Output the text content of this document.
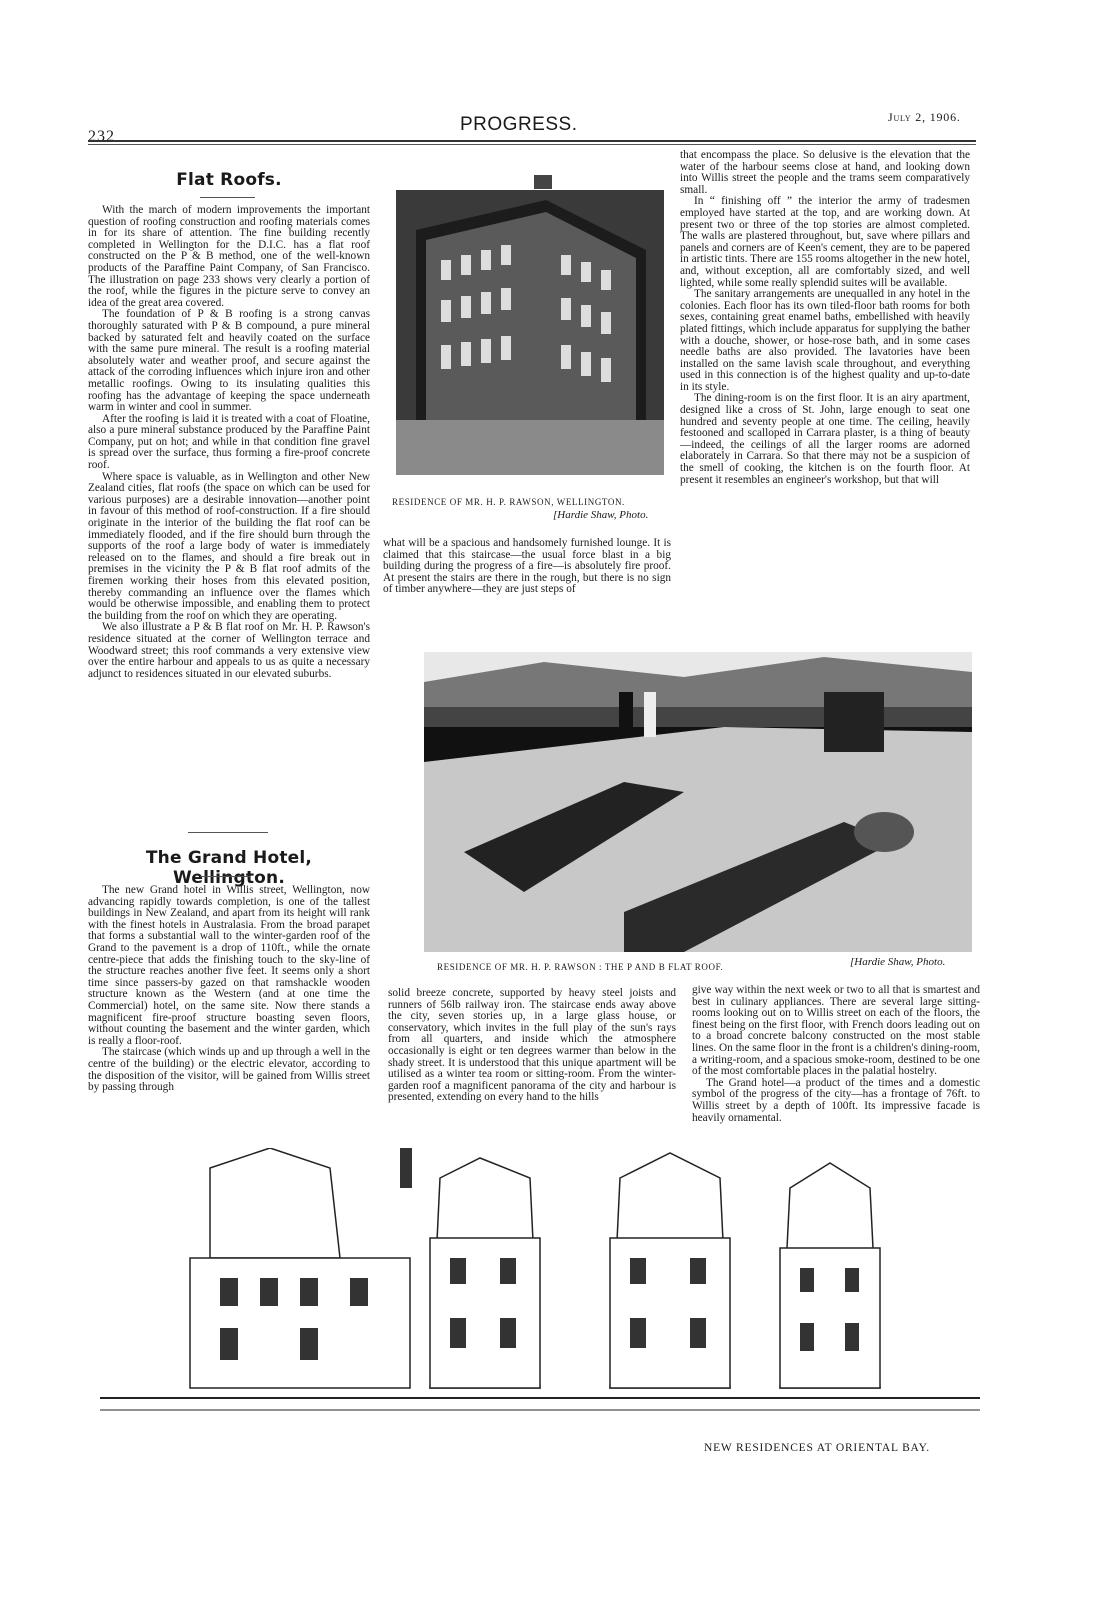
232
PROGRESS.	July 2, 1906.
Flat Roofs.

With the march of modern improvements the important question of roofing construction and roofing materials comes in for its share of attention. The fine building recently completed in Wellington for the D.I.C. has a flat roof constructed on the P & B method, one of the well-known products of the Paraffine Paint Company, of San Francisco. The illustration on page 233 shows very clearly a portion of the roof, while the figures in the picture serve to convey an idea of the great area covered.

The foundation of P & B roofing is a strong canvas thoroughly saturated with P & B compound, a pure mineral backed by saturated felt and heavily coated on the surface with the same pure mineral. The result is a roofing material absolutely water and weather proof, and secure against the attack of the corroding influences which injure iron and other metallic roofings. Owing to its insulating qualities this roofing has the advantage of keeping the space underneath warm in winter and cool in summer.

After the roofing is laid it is treated with a coat of Floatine, also a pure mineral substance produced by the Paraffine Paint Company, put on hot; and while in that condition fine gravel is spread over the surface, thus forming a fire-proof concrete roof.

Where space is valuable, as in Wellington and other New Zealand cities, flat roofs (the space on which can be used for various purposes) are a desirable innovation—another point in favour of this method of roof-construction. If a fire should originate in the interior of the building the flat roof can be immediately flooded, and if the fire should burn through the supports of the roof a large body of water is immediately released on to the flames, and should a fire break out in premises in the vicinity the P & B flat roof admits of the firemen working their hoses from this elevated position, thereby commanding an influence over the flames which would be otherwise impossible, and enabling them to protect the building from the roof on which they are operating.

We also illustrate a P & B flat roof on Mr. H. P. Rawson's residence situated at the corner of Wellington terrace and Woodward street; this roof commands a very extensive view over the entire harbour and appeals to us as quite a necessary adjunct to residences situated in our elevated suburbs.

The Grand Hotel, Wellington.

The new Grand hotel in Willis street, Wellington, now advancing rapidly towards completion, is one of the tallest buildings in New Zealand, and apart from its height will rank with the finest hotels in Australasia. From the broad parapet that forms a substantial wall to the winter-garden roof of the Grand to the pavement is a drop of 110ft., while the ornate centre-piece that adds the finishing touch to the sky-line of the structure reaches another five feet. It seems only a short time since passers-by gazed on that ramshackle wooden structure known as the Western (and at one time the Commercial) hotel, on the same site. Now there stands a magnificent fire-proof structure boasting seven floors, without counting the basement and the winter garden, which is really a floor-roof.

The staircase (which winds up and up through a well in the centre of the building) or the electric elevator, according to the disposition of the visitor, will be gained from Willis street by passing through

RESIDENCE OF MR. H. P. RAWSON, WELLINGTON.
[Hardie Shaw, Photo.

what will be a spacious and handsomely furnished lounge. It is claimed that this staircase—the usual force blast in a big building during the progress of a fire—is absolutely fire proof. At present the stairs are there in the rough, but there is no sign of timber anywhere—they are just steps of

that encompass the place. So delusive is the elevation that the water of the harbour seems close at hand, and looking down into Willis street the people and the trams seem comparatively small.

In “ finishing off ” the interior the army of tradesmen employed have started at the top, and are working down. At present two or three of the top stories are almost completed. The walls are plastered throughout, but, save where pillars and panels and corners are of Keen's cement, they are to be papered in artistic tints. There are 155 rooms altogether in the new hotel, and, without exception, all are comfortably sized, and well lighted, while some really splendid suites will be available.

The sanitary arrangements are unequalled in any hotel in the colonies. Each floor has its own tiled-floor bath rooms for both sexes, containing great enamel baths, embellished with heavily plated fittings, which include apparatus for supplying the bather with a douche, shower, or hose-rose bath, and in some cases needle baths are also provided. The lavatories have been installed on the same lavish scale throughout, and everything used in this connection is of the highest quality and up-to-date in its style.

The dining-room is on the first floor. It is an airy apartment, designed like a cross of St. John, large enough to seat one hundred and seventy people at one time. The ceiling, heavily festooned and scalloped in Carrara plaster, is a thing of beauty—indeed, the ceilings of all the larger rooms are adorned elaborately in Carrara. So that there may not be a suspicion of the smell of cooking, the kitchen is on the fourth floor. At present it resembles an engineer's workshop, but that will

RESIDENCE OF MR. H. P. RAWSON : THE P AND B FLAT ROOF.	[Hardie Shaw, Photo.

solid breeze concrete, supported by heavy steel joists and runners of 56lb railway iron. The staircase ends away above the city, seven stories up, in a large glass house, or conservatory, which invites in the full play of the sun's rays from all quarters, and inside which the atmosphere occasionally is eight or ten degrees warmer than below in the shady street. It is understood that this unique apartment will be utilised as a winter tea room or sitting-room. From the winter-garden roof a magnificent panorama of the city and harbour is presented, extending on every hand to the hills

give way within the next week or two to all that is smartest and best in culinary appliances. There are several large sitting-rooms looking out on to Willis street on each of the floors, the finest being on the first floor, with French doors leading out on to a broad concrete balcony constructed on the most stable lines. On the same floor in the front is a children's dining-room, a writing-room, and a spacious smoke-room, destined to be one of the most comfortable places in the palatial hostelry.

The Grand hotel—a product of the times and a domestic symbol of the progress of the city—has a frontage of 76ft. to Willis street by a depth of 100ft. Its impressive facade is heavily ornamental.

NEW RESIDENCES AT ORIENTAL BAY.
